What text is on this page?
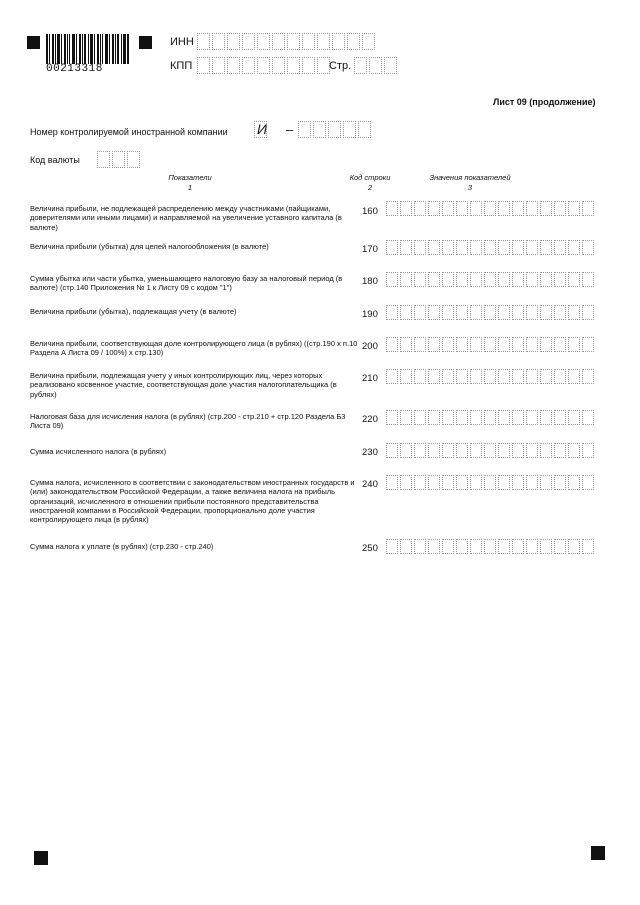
00213318
ИНН
КПП	Стр.
Лист 09 (продолжение)
Номер контролируемой иностранной компании И –
Код валюты
Показатели
1
Код строки
2
Значения показателей
3
Величина прибыли, не подлежащей распределению между участниками (пайщиками, доверителями или иными лицами) и направляемой на увеличение уставного капитала (в валюте)
160
Величина прибыли (убытка) для целей налогообложения (в валюте)	170
Сумма убытка или части убытка, уменьшающего налоговую базу за налоговый период (в валюте) (стр.140 Приложения № 1 к Листу 09 с кодом "1")
180
Величина прибыли (убытка), подлежащая учету (в валюте)	190
Величина прибыли, соответствующая доле контролирующего лица (в рублях) ((стр.190 х п.10 Раздела А Листа 09 / 100%) х стр.130)
200
Величина прибыли, подлежащая учету у иных контролирующих лиц, через которых реализовано косвенное участие, соответствующая доле участия налогоплательщика (в рублях)
210
Налоговая база для исчисления налога (в рублях) (стр.200 - стр.210 + стр.120 Раздела Б3 Листа 09)
220
Сумма исчисленного налога (в рублях)	230
Сумма налога, исчисленного в соответствии с законодательством иностранных государств и (или) законодательством Российской Федерации, а также величина налога на прибыль организаций, исчисленного в отношении прибыли постоянного представительства иностранной компании в Российской Федерации, пропорционально доле участия контролирующего лица (в рублях)
240
Сумма налога к уплате (в рублях) (стр.230 - стр.240)	250
